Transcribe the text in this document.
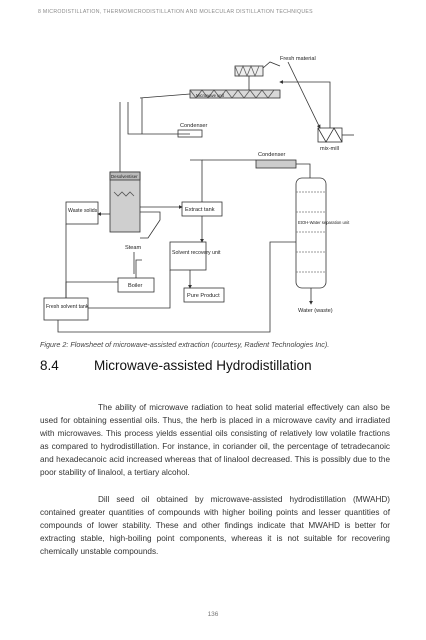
8 MICRODISTILLATION, THERMOMICRODISTILLATION AND MOLECULAR DISTILLATION TECHNIQUES
Fresh material
mix-mill
Condenser
Condenser
Microwave unit
Desolventiser
Waste solids	Extract tank
EtOH-Water separation unit
Steam
Solvent recovery unit
Boiler
Pure Product
Fresh solvent tank
Water (waste)
Figure 2: Flowsheet of microwave-assisted extraction (courtesy, Radient Technologies Inc).
8.4	Microwave-assisted Hydrodistillation

The ability of microwave radiation to heat solid material effectively can also be used for obtaining essential oils. Thus, the herb is placed in a microwave cavity and irradiated with microwaves. This process yields essential oils consisting of relatively low volatile fractions as compared to hydrodistillation. For instance, in coriander oil, the percentage of tetradecanoic and hexadecanoic acid increased whereas that of linalool decreased. This is possibly due to the poor stability of linalool, a tertiary alcohol.

Dill seed oil obtained by microwave-assisted hydrodistillation (MWAHD) contained greater quantities of compounds with higher boiling points and lesser quantities of compounds of lower stability. These and other findings indicate that MWAHD is better for extracting stable, high-boiling point components, whereas it is not suitable for recovering chemically unstable compounds.

136
